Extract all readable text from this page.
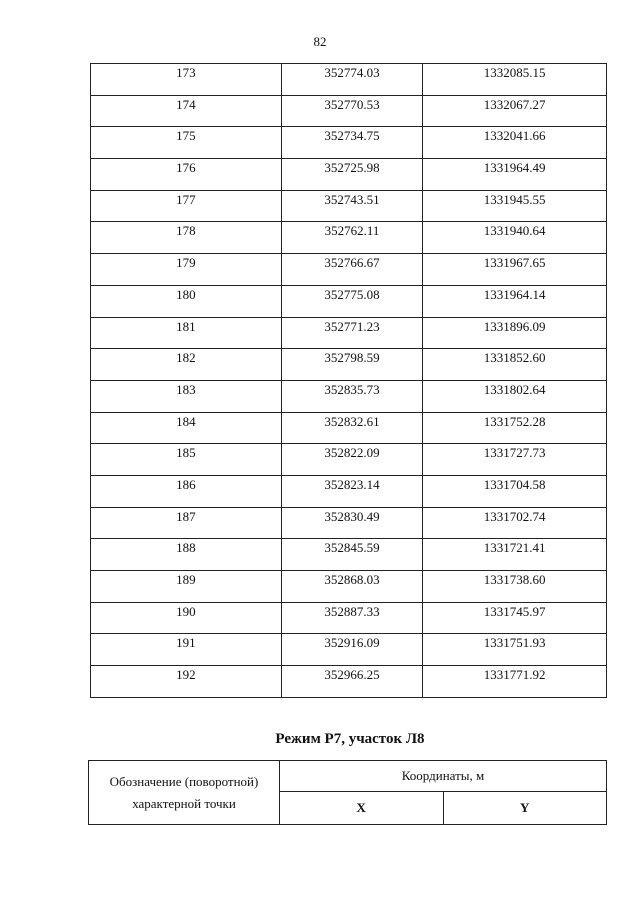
82
173	352774.03	1332085.15
174	352770.53	1332067.27
175	352734.75	1332041.66
176	352725.98	1331964.49
177	352743.51	1331945.55
178	352762.11	1331940.64
179	352766.67	1331967.65
180	352775.08	1331964.14
181	352771.23	1331896.09
182	352798.59	1331852.60
183	352835.73	1331802.64
184	352832.61	1331752.28
185	352822.09	1331727.73
186	352823.14	1331704.58
187	352830.49	1331702.74
188	352845.59	1331721.41
189	352868.03	1331738.60
190	352887.33	1331745.97
191	352916.09	1331751.93
192	352966.25	1331771.92
Режим Р7, участок Л8
Обозначение (поворотной)
характерной точки	Координаты, м	
	X	Y
